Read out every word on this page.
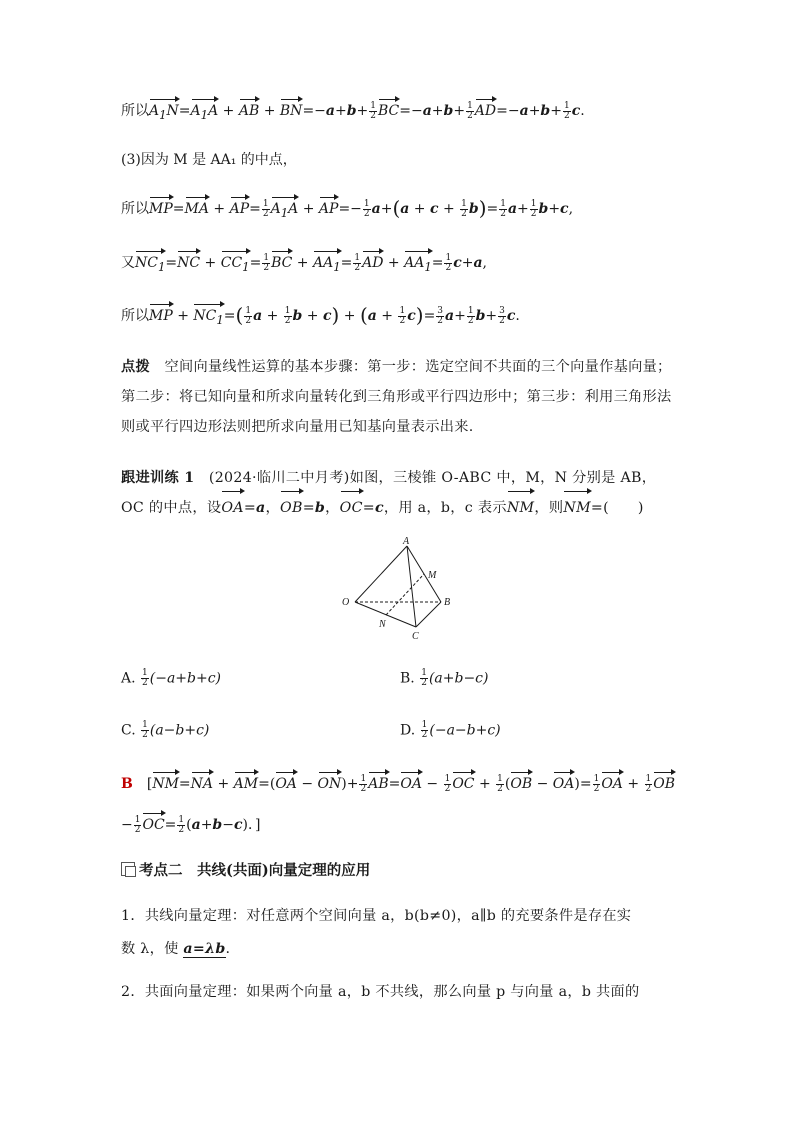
所以$A_1N=A_1A$ + AB + $BN=-a+b+ \frac{1}{2} BC=-a+b+ \frac{1}{2} AD=-a+b+ \frac{1}{2} c$.
(3)因为 M 是 AA₁ 的中点，
所以$MP=MA + AP= \frac{1}{2} A_1A + AP=- \frac{1}{2} a+(a + c + \frac{1}{2} b)= \frac{1}{2} a+ \frac{1}{2} b+c$,
又$NC_1=NC + CC_1= \frac{1}{2}$ BC + $AA_1= \frac{1}{2}$ AD + $AA_1= \frac{1}{2} c+a$,
所以MP + $NC_1=( \frac{1}{2}$ $a + \frac{1}{2}$ $b + c) + (a + \frac{1}{2} c)= \frac{3}{2} a+ \frac{1}{2} b+ \frac{3}{2} c$.
点拨　 空间向量线性运算的基本步骤：第一步：选定空间不共面的三个向量作基向量；第二步：将已知向量和所求向量转化到三角形或平行四边形中；第三步：利用三角形法则或平行四边形法则把所求向量用已知基向量表示出来.
跟进训练 1　 (2024·临川二中月考)如图，三棱锥 O-ABC 中，M，N 分别是 AB，
OC 的中点，设OA=a，OB=b，OC=c，用 a，b，c 表示NM，则NM=(　　)
A
M
O	B
N
C
A. $\frac{1}{2} (-a+b+c)$	B. $\frac{1}{2} (a+b-c)$
C. $\frac{1}{2} (a-b+c)$	D. $\frac{1}{2} (-a-b+c)$
B　 [$NM=NA + AM=(OA - ON)+ \frac{1}{2} AB=OA - \frac{1}{2}$ OC + $\frac{1}{2} (OB - OA)= \frac{1}{2}$ OA + $\frac{1}{2}$ OB
− $\frac{1}{2} OC= \frac{1}{2} (a+b-c)$．]
考点二　共线(共面)向量定理的应用
1．共线向量定理：对任意两个空间向量 a，b(b≠0)，a∥b 的充要条件是存在实
数 λ，使 a=λb.
2．共面向量定理：如果两个向量 a，b 不共线，那么向量 p 与向量 a，b 共面的
